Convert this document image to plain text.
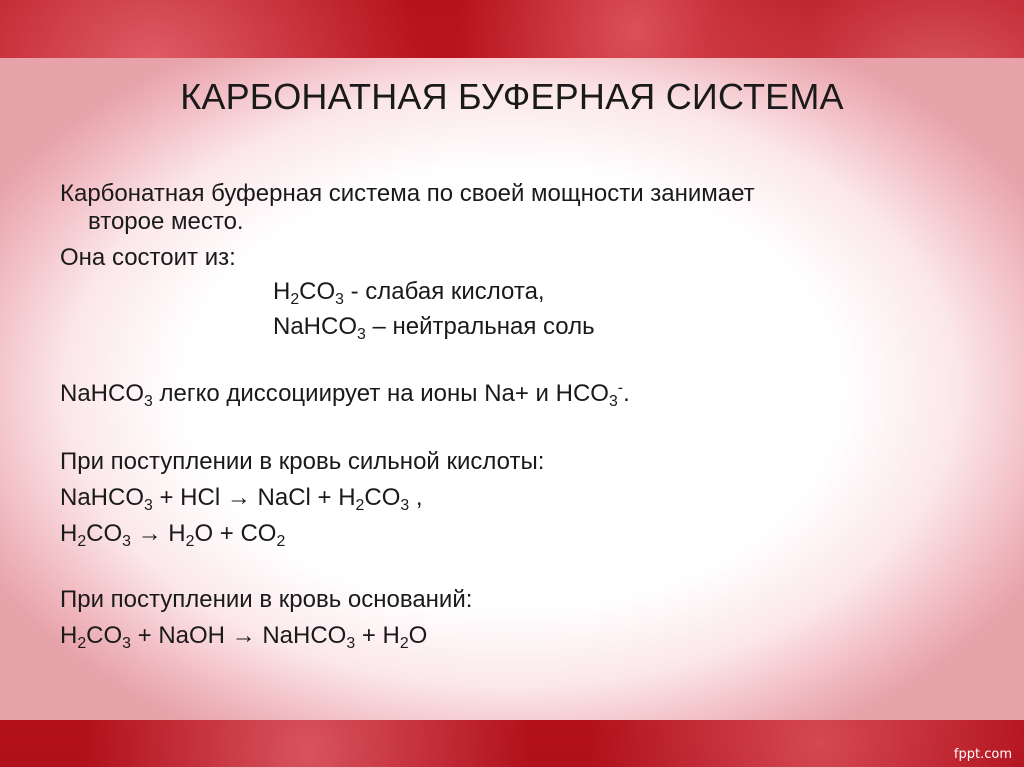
КАРБОНАТНАЯ БУФЕРНАЯ СИСТЕМА
Карбонатная буферная система по своей мощности занимает
второе место.
Она состоит из:
$H_2CO_3$ - слабая кислота,
NaHCO$_3$ – нейтральная соль
NaHCO$_3$ легко диссоциирует на ионы Na+ и $HCO_3^-$.
При поступлении в кровь сильной кислоты:
NaHCO$_3$ + HCl → NaCl + $H_2CO_3$ ,
$H_2CO_3 \to H_2O + CO_2$
При поступлении в кровь оснований:
$H_2CO_3$ + NaOH → NaHCO$_3$ + $H_2O$
fppt.com
